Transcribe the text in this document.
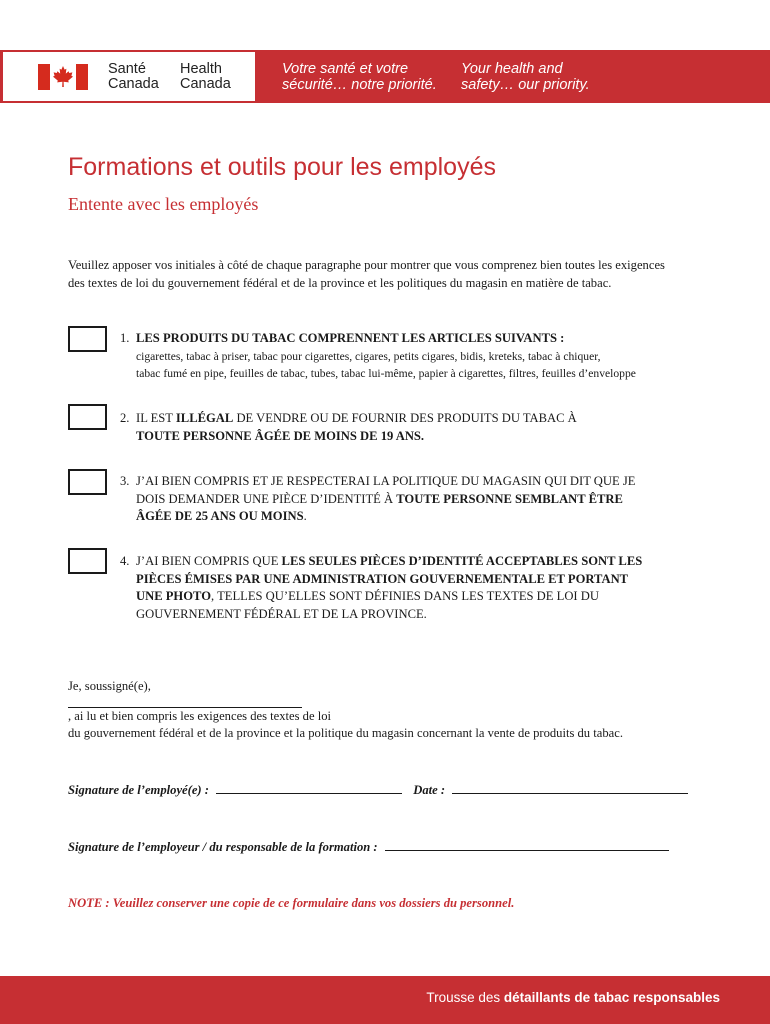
Santé
Canada
Health
Canada
Votre santé et votre
sécurité… notre priorité.
Your health and
safety… our priority.
Formations et outils pour les employés
Entente avec les employés
Veuillez apposer vos initiales à côté de chaque paragraphe pour montrer que vous comprenez bien toutes les exigences
des textes de loi du gouvernement fédéral et de la province et les politiques du magasin en matière de tabac.
1. LES PRODUITS DU TABAC COMPRENNENT LES ARTICLES SUIVANTS :
cigarettes, tabac à priser, tabac pour cigarettes, cigares, petits cigares, bidis, kreteks, tabac à chiquer,
tabac fumé en pipe, feuilles de tabac, tubes, tabac lui-même, papier à cigarettes, filtres, feuilles d’enveloppe
2. IL EST ILLÉGAL DE VENDRE OU DE FOURNIR DES PRODUITS DU TABAC À
TOUTE PERSONNE ÂGÉE DE MOINS DE 19 ANS.
3. J’AI BIEN COMPRIS ET JE RESPECTERAI LA POLITIQUE DU MAGASIN QUI DIT QUE JE
DOIS DEMANDER UNE PIÈCE D’IDENTITÉ À TOUTE PERSONNE SEMBLANT ÊTRE
ÂGÉE DE 25 ANS OU MOINS.
4. J’AI BIEN COMPRIS QUE LES SEULES PIÈCES D’IDENTITÉ ACCEPTABLES SONT LES
PIÈCES ÉMISES PAR UNE ADMINISTRATION GOUVERNEMENTALE ET PORTANT
UNE PHOTO, TELLES QU’ELLES SONT DÉFINIES DANS LES TEXTES DE LOI DU
GOUVERNEMENT FÉDÉRAL ET DE LA PROVINCE.
Je, soussigné(e),
, ai lu et bien compris les exigences des textes de loi
du gouvernement fédéral et de la province et la politique du magasin concernant la vente de produits du tabac.
Signature de l’employé(e) :	Date :
Signature de l’employeur / du responsable de la formation :
NOTE : Veuillez conserver une copie de ce formulaire dans vos dossiers du personnel.
Trousse des détaillants de tabac responsables
